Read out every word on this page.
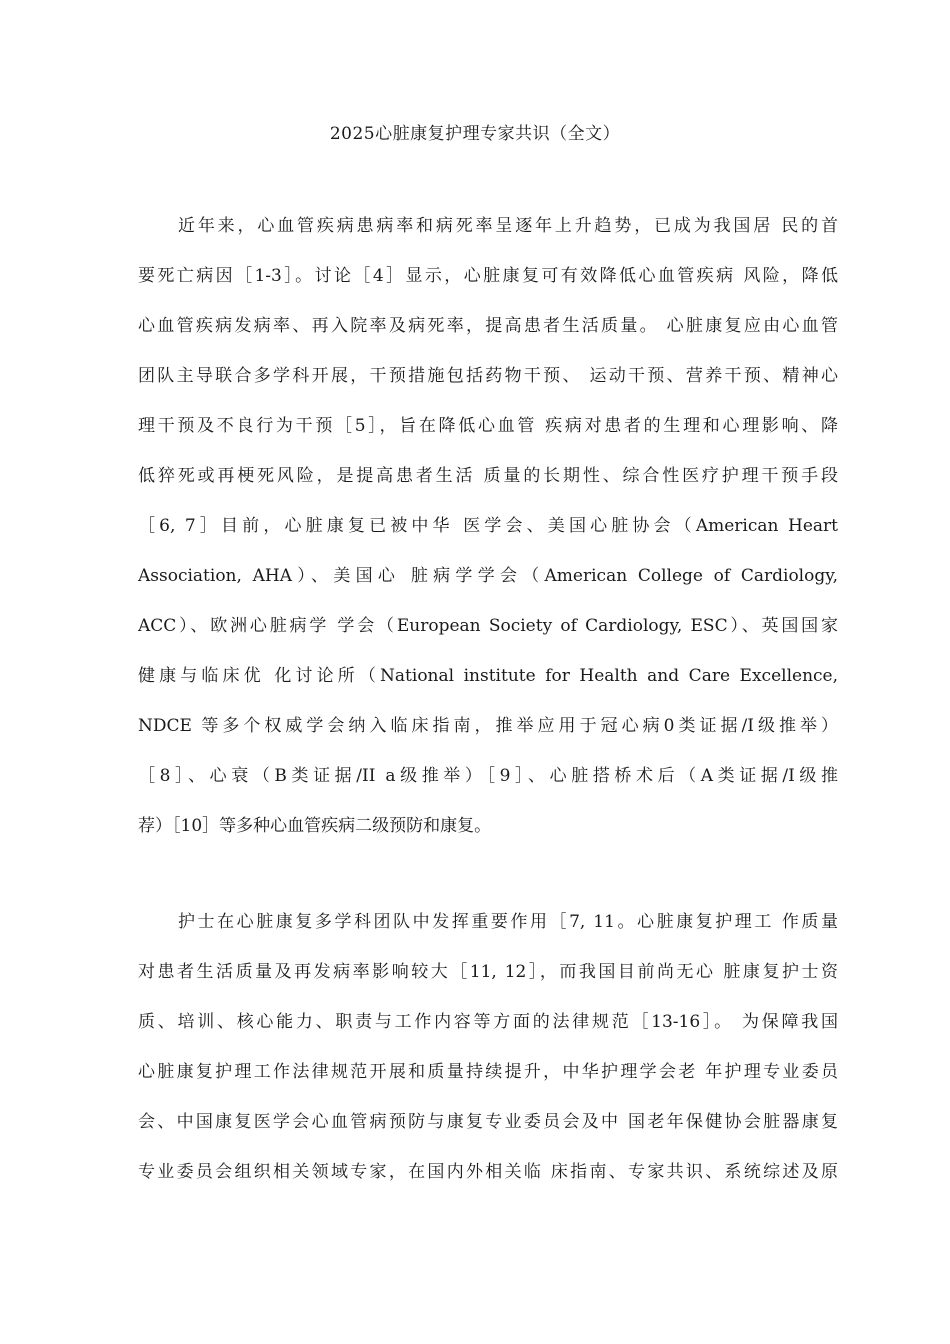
2025心脏康复护理专家共识（全文）
近年来，心血管疾病患病率和病死率呈逐年上升趋势，已成为我国居 民的首
要死亡病因［1-3］。讨论［4］显示，心脏康复可有效降低心血管疾病 风险，降低
心血管疾病发病率、再入院率及病死率，提高患者生活质量。 心脏康复应由心血管
团队主导联合多学科开展，干预措施包括药物干预、 运动干预、营养干预、精神心
理干预及不良行为干预［5］，旨在降低心血管 疾病对患者的生理和心理影响、降
低猝死或再梗死风险，是提高患者生活 质量的长期性、综合性医疗护理干预手段
［6, 7］目前，心脏康复已被中华 医学会、美国心脏协会（American Heart
Association, AHA）、美国心 脏病学学会（American College of Cardiology,
ACC）、欧洲心脏病学 学会（European Society of Cardiology, ESC）、英国国家
健康与临床优 化讨论所（National institute for Health and Care Excellence,
NDCE 等多个权威学会纳入临床指南，推举应用于冠心病0类证据/I级推举）
［8］、心衰（B类证据/II a级推举）［9］、心脏搭桥术后（A类证据/I级推
荐）［10］等多种心血管疾病二级预防和康复。
护士在心脏康复多学科团队中发挥重要作用［7, 11。心脏康复护理工 作质量
对患者生活质量及再发病率影响较大［11, 12］，而我国目前尚无心 脏康复护士资
质、培训、核心能力、职责与工作内容等方面的法律规范［13-16］。 为保障我国
心脏康复护理工作法律规范开展和质量持续提升，中华护理学会老 年护理专业委员
会、中国康复医学会心血管病预防与康复专业委员会及中 国老年保健协会脏器康复
专业委员会组织相关领域专家，在国内外相关临 床指南、专家共识、系统综述及原
